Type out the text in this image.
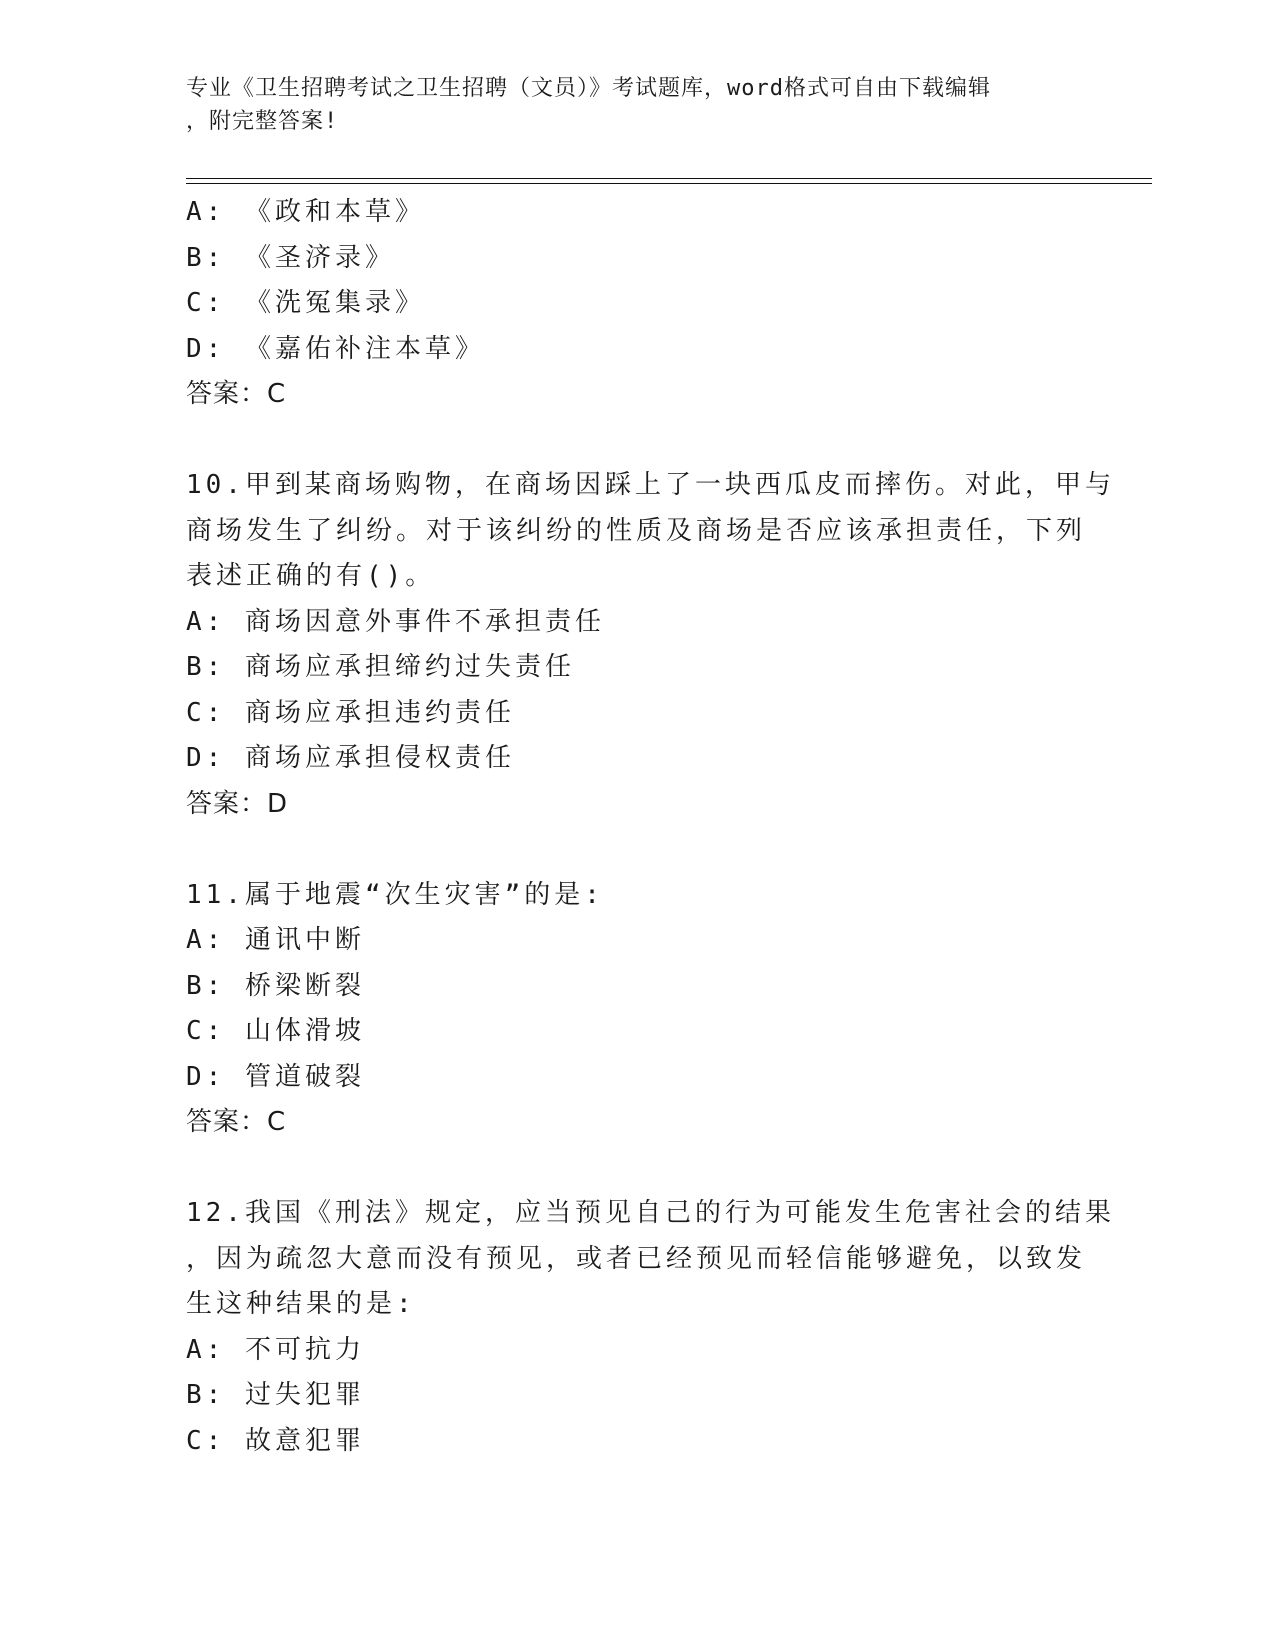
专业《卫生招聘考试之卫生招聘（文员）》考试题库，word格式可自由下载编辑
，附完整答案!
A: 《政和本草》
B: 《圣济录》
C: 《洗冤集录》
D: 《嘉佑补注本草》
答案：C
10.甲到某商场购物，在商场因踩上了一块西瓜皮而摔伤。对此，甲与
商场发生了纠纷。对于该纠纷的性质及商场是否应该承担责任，下列
表述正确的有()。
A: 商场因意外事件不承担责任
B: 商场应承担缔约过失责任
C: 商场应承担违约责任
D: 商场应承担侵权责任
答案：D
11.属于地震“次生灾害”的是:
A: 通讯中断
B: 桥梁断裂
C: 山体滑坡
D: 管道破裂
答案：C
12.我国《刑法》规定，应当预见自己的行为可能发生危害社会的结果
，因为疏忽大意而没有预见，或者已经预见而轻信能够避免，以致发
生这种结果的是:
A: 不可抗力
B: 过失犯罪
C: 故意犯罪
